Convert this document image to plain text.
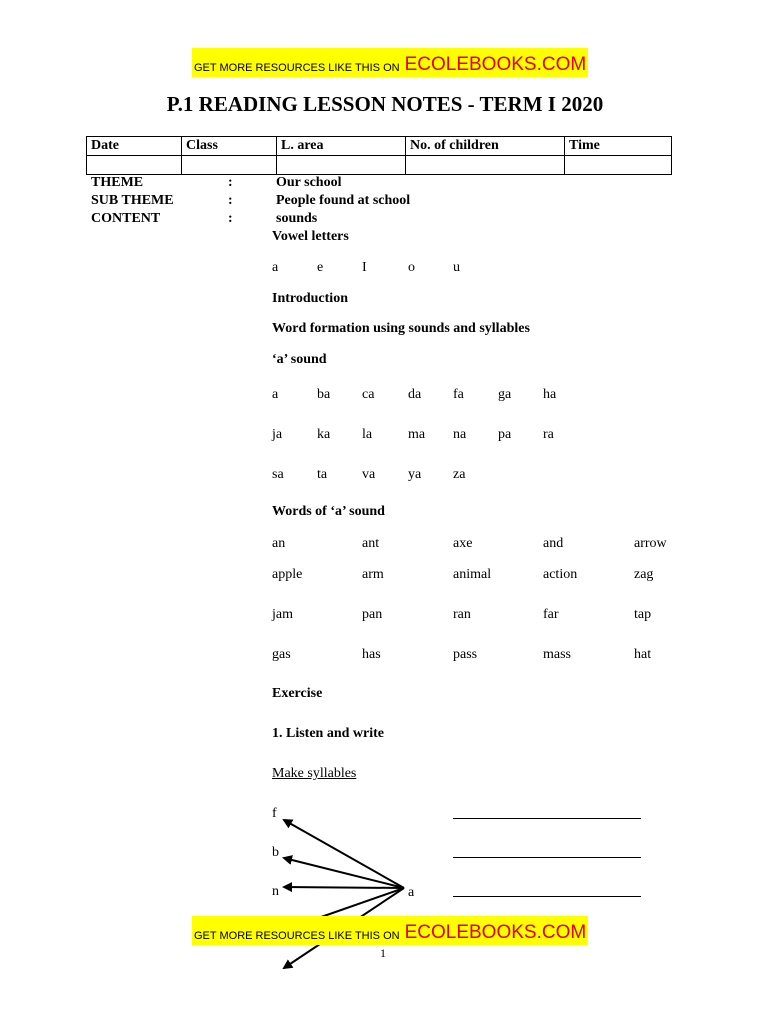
GET MORE RESOURCES LIKE THIS ON ECOLEBOOKS.COM
P.1 READING LESSON NOTES - TERM I 2020
Date	Class	L. area	No. of children	Time

THEME	:	Our school
SUB THEME	:	People found at school
CONTENT	:	sounds
Vowel letters
a	e	I	o	u
Introduction
Word formation using sounds and syllables
‘a’ sound
a	ba ca da fa ga ha
ja ka la	ma na pa ra
sa ta va ya za
Words of ‘a’ sound
an	ant	axe	and	arrow
apple	arm	animal	action	zag
jam	pan	ran	far	tap
gas	has	pass	mass	hat
Exercise
1. Listen and write
Make syllables
f
b
n	a
GET MORE RESOURCES LIKE THIS ON ECOLEBOOKS.COM
1
